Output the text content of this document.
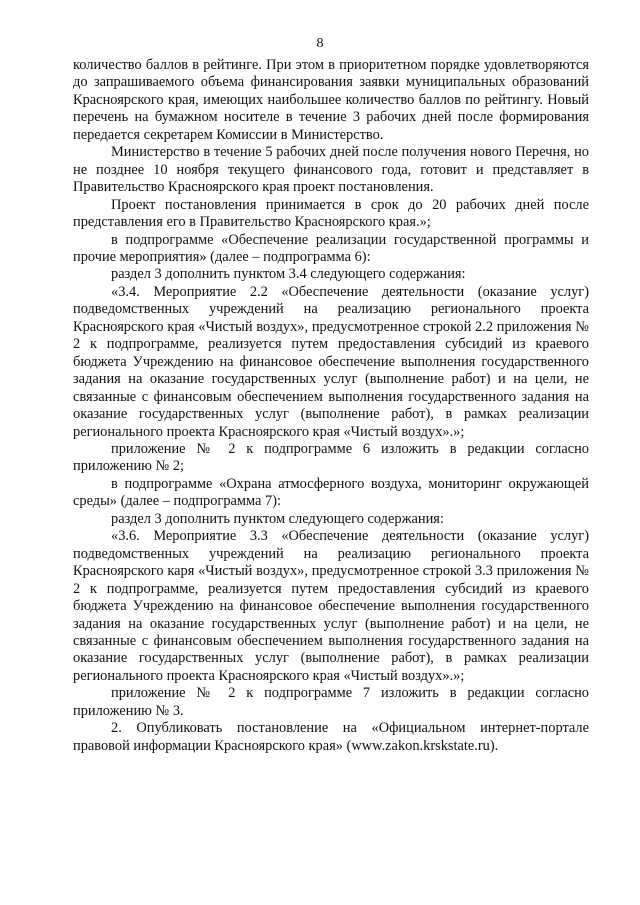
8

количество баллов в рейтинге. При этом в приоритетном порядке удовлетворяются до запрашиваемого объема финансирования заявки муниципальных образований Красноярского края, имеющих наибольшее количество баллов по рейтингу. Новый перечень на бумажном носителе в течение 3 рабочих дней после формирования передается секретарем Комиссии в Министерство.

Министерство в течение 5 рабочих дней после получения нового Перечня, но не позднее 10 ноября текущего финансового года, готовит и представляет в Правительство Красноярского края проект постановления.

Проект постановления принимается в срок до 20 рабочих дней после представления его в Правительство Красноярского края.»;

в подпрограмме «Обеспечение реализации государственной программы и прочие мероприятия» (далее – подпрограмма 6):

раздел 3 дополнить пунктом 3.4 следующего содержания:

«3.4. Мероприятие 2.2 «Обеспечение деятельности (оказание услуг) подведомственных учреждений на реализацию регионального проекта Красноярского края «Чистый воздух», предусмотренное строкой 2.2 приложения № 2 к подпрограмме, реализуется путем предоставления субсидий из краевого бюджета Учреждению на финансовое обеспечение выполнения государственного задания на оказание государственных услуг (выполнение работ) и на цели, не связанные с финансовым обеспечением выполнения государственного задания на оказание государственных услуг (выполнение работ), в рамках реализации регионального проекта Красноярского края «Чистый воздух».»;

приложение № 2 к подпрограмме 6 изложить в редакции согласно приложению № 2;

в подпрограмме «Охрана атмосферного воздуха, мониторинг окружающей среды» (далее – подпрограмма 7):

раздел 3 дополнить пунктом следующего содержания:

«3.6. Мероприятие 3.3 «Обеспечение деятельности (оказание услуг) подведомственных учреждений на реализацию регионального проекта Красноярского каря «Чистый воздух», предусмотренное строкой 3.3 приложения № 2 к подпрограмме, реализуется путем предоставления субсидий из краевого бюджета Учреждению на финансовое обеспечение выполнения государственного задания на оказание государственных услуг (выполнение работ) и на цели, не связанные с финансовым обеспечением выполнения государственного задания на оказание государственных услуг (выполнение работ), в рамках реализации регионального проекта Красноярского края «Чистый воздух».»;

приложение № 2 к подпрограмме 7 изложить в редакции согласно приложению № 3.

2. Опубликовать постановление на «Официальном интернет-портале правовой информации Красноярского края» (www.zakon.krskstate.ru).
